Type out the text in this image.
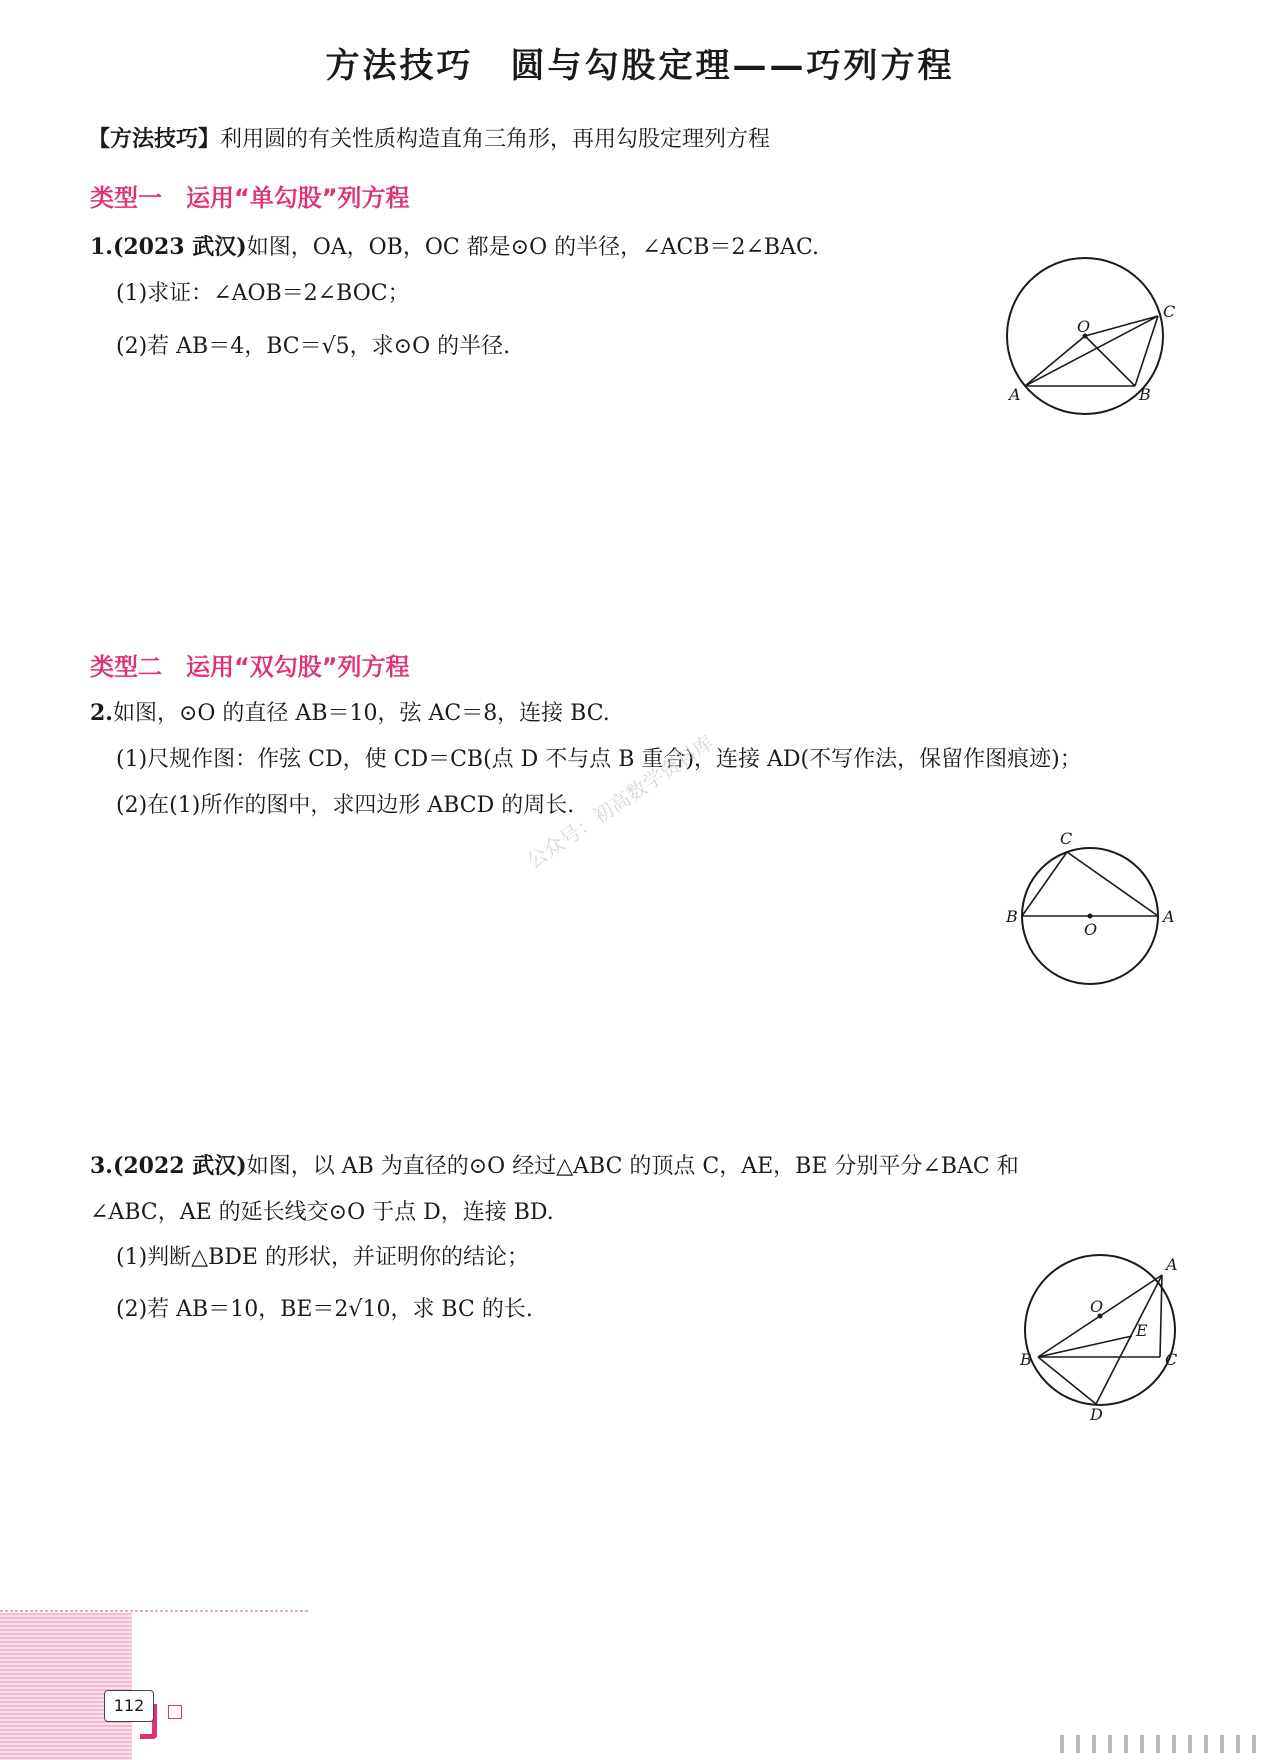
方法技巧　圆与勾股定理——巧列方程
【方法技巧】利用圆的有关性质构造直角三角形，再用勾股定理列方程
类型一　运用“单勾股”列方程
1.(2023 武汉)如图，OA，OB，OC 都是⊙O 的半径，∠ACB＝2∠BAC.
(1)求证：∠AOB＝2∠BOC；
(2)若 AB＝4，BC＝√5，求⊙O 的半径.
O
C
A	B
类型二　运用“双勾股”列方程
2.如图，⊙O 的直径 AB＝10，弦 AC＝8，连接 BC.
(1)尺规作图：作弦 CD，使 CD＝CB(点 D 不与点 B 重合)，连接 AD(不写作法，保留作图痕迹)；
(2)在(1)所作的图中，求四边形 ABCD 的周长.
C
B	A
O
公众号：初高数学资料库
3.(2022 武汉)如图，以 AB 为直径的⊙O 经过△ABC 的顶点 C，AE，BE 分别平分∠BAC 和
∠ABC，AE 的延长线交⊙O 于点 D，连接 BD.
(1)判断△BDE 的形状，并证明你的结论；
(2)若 AB＝10，BE＝2√10，求 BC 的长.
A
O
E
B	C
D
112
